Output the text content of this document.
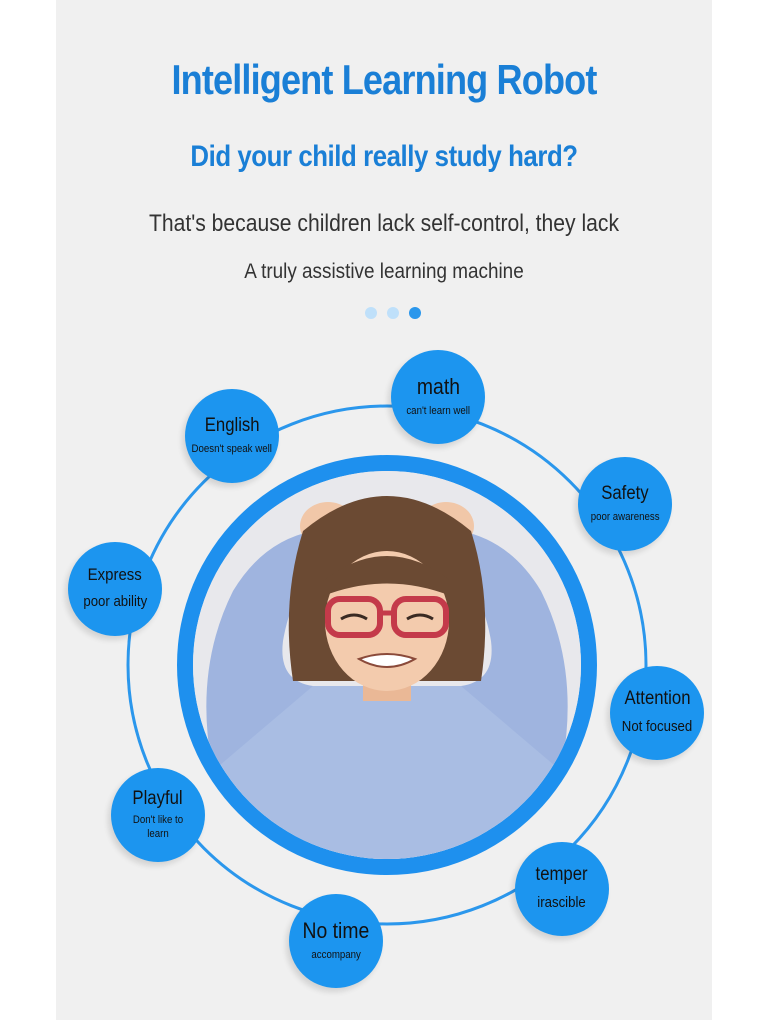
Intelligent Learning Robot
Did your child really study hard?
That's because children lack self-control, they lack
A truly assistive learning machine
math
can't learn well
English
Doesn't speak well
Safety
poor awareness
Express
poor ability
Attention
Not focused
Playful
Don't like to learn
temper
irascible
No time
accompany
